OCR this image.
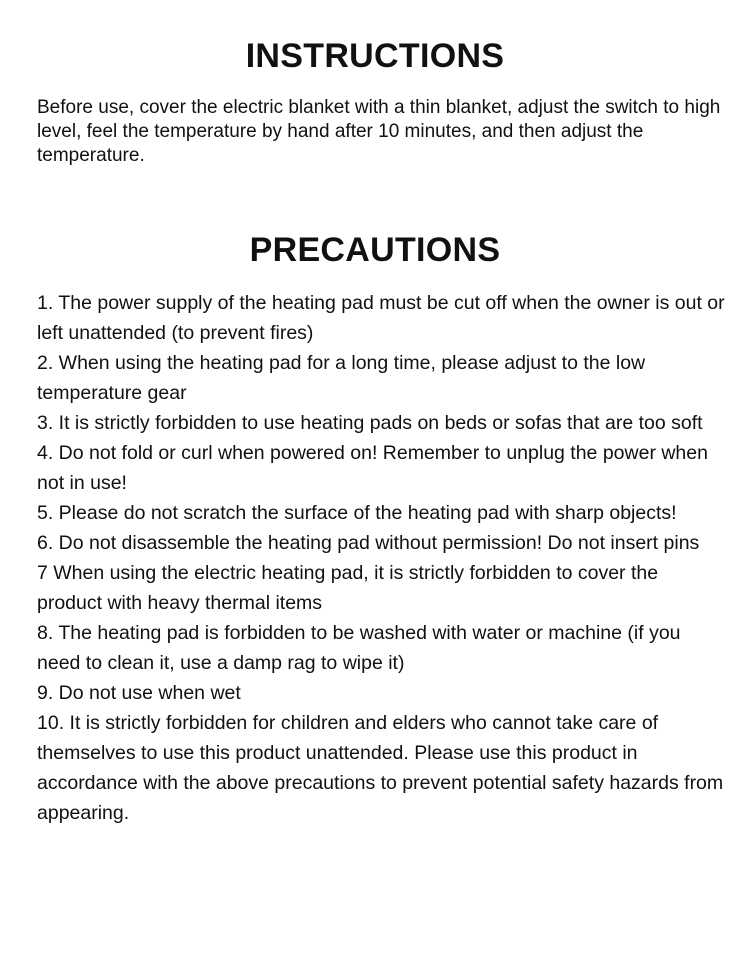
INSTRUCTIONS

Before use, cover the electric blanket with a thin blanket, adjust the switch to high level, feel the temperature by hand after 10 minutes, and then adjust the temperature.

PRECAUTIONS
1. The power supply of the heating pad must be cut off when the owner is out or left unattended (to prevent fires)
2. When using the heating pad for a long time, please adjust to the low temperature gear
3. It is strictly forbidden to use heating pads on beds or sofas that are too soft
4. Do not fold or curl when powered on! Remember to unplug the power when not in use!
5. Please do not scratch the surface of the heating pad with sharp objects!
6. Do not disassemble the heating pad without permission! Do not insert pins
7 When using the electric heating pad, it is strictly forbidden to cover the product with heavy thermal items
8. The heating pad is forbidden to be washed with water or machine (if you need to clean it, use a damp rag to wipe it)
9. Do not use when wet
10. It is strictly forbidden for children and elders who cannot take care of themselves to use this product unattended. Please use this product in accordance with the above precautions to prevent potential safety hazards from appearing.
